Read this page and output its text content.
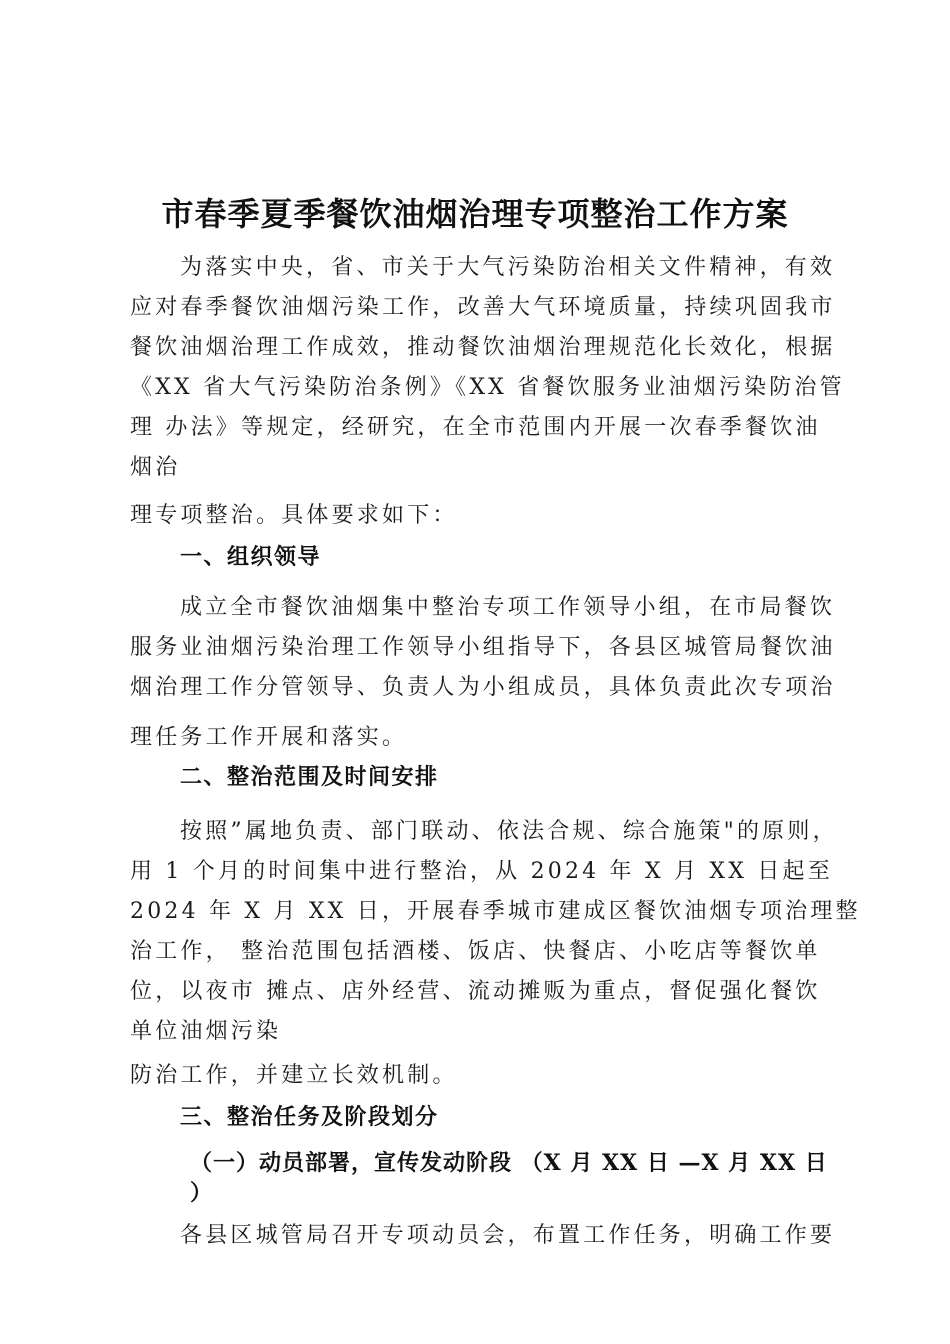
市春季夏季餐饮油烟治理专项整治工作方案
为落实中央，省、市关于大气污染防治相关文件精神，有效
应对春季餐饮油烟污染工作，改善大气环境质量，持续巩固我市
餐饮油烟治理工作成效，推动餐饮油烟治理规范化长效化，根据
《XX 省大气污染防治条例》《XX 省餐饮服务业油烟污染防治管
理 办法》等规定，经研究，在全市范围内开展一次春季餐饮油
烟治
理专项整治。具体要求如下：
一、组织领导
成立全市餐饮油烟集中整治专项工作领导小组，在市局餐饮
服务业油烟污染治理工作领导小组指导下，各县区城管局餐饮油
烟治理工作分管领导、负责人为小组成员，具体负责此次专项治
理任务工作开展和落实。
二、整治范围及时间安排
按照”属地负责、部门联动、依法合规、综合施策"的原则，
用 1 个月的时间集中进行整治，从 2024 年 X 月 XX 日起至
2024 年 X 月 XX 日，开展春季城市建成区餐饮油烟专项治理整
治工作， 整治范围包括酒楼、饭店、快餐店、小吃店等餐饮单
位，以夜市 摊点、店外经营、流动摊贩为重点，督促强化餐饮
单位油烟污染
防治工作，并建立长效机制。
三、整治任务及阶段划分
（一）动员部署，宣传发动阶段 （X 月 XX 日 —X 月 XX 日
）
各县区城管局召开专项动员会，布置工作任务，明确工作要
